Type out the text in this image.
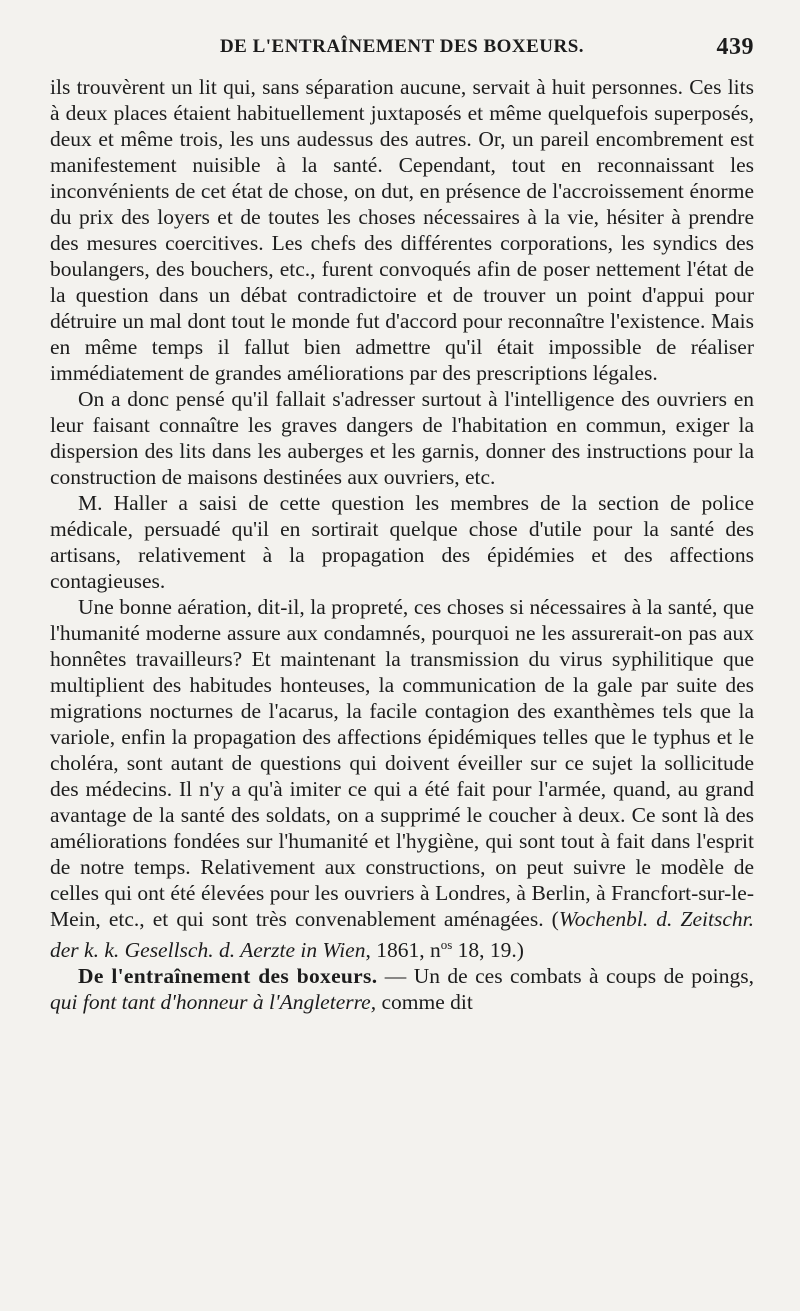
DE L'ENTRAÎNEMENT DES BOXEURS.	439

ils trouvèrent un lit qui, sans séparation aucune, servait à huit personnes. Ces lits à deux places étaient habituellement juxtaposés et même quelquefois superposés, deux et même trois, les uns audessus des autres. Or, un pareil encombrement est manifestement nuisible à la santé. Cependant, tout en reconnaissant les inconvénients de cet état de chose, on dut, en présence de l'accroissement énorme du prix des loyers et de toutes les choses nécessaires à la vie, hésiter à prendre des mesures coercitives. Les chefs des différentes corporations, les syndics des boulangers, des bouchers, etc., furent convoqués afin de poser nettement l'état de la question dans un débat contradictoire et de trouver un point d'appui pour détruire un mal dont tout le monde fut d'accord pour reconnaître l'existence. Mais en même temps il fallut bien admettre qu'il était impossible de réaliser immédiatement de grandes améliorations par des prescriptions légales.

On a donc pensé qu'il fallait s'adresser surtout à l'intelligence des ouvriers en leur faisant connaître les graves dangers de l'habitation en commun, exiger la dispersion des lits dans les auberges et les garnis, donner des instructions pour la construction de maisons destinées aux ouvriers, etc.

M. Haller a saisi de cette question les membres de la section de police médicale, persuadé qu'il en sortirait quelque chose d'utile pour la santé des artisans, relativement à la propagation des épidémies et des affections contagieuses.

Une bonne aération, dit-il, la propreté, ces choses si nécessaires à la santé, que l'humanité moderne assure aux condamnés, pourquoi ne les assurerait-on pas aux honnêtes travailleurs? Et maintenant la transmission du virus syphilitique que multiplient des habitudes honteuses, la communication de la gale par suite des migrations nocturnes de l'acarus, la facile contagion des exanthèmes tels que la variole, enfin la propagation des affections épidémiques telles que le typhus et le choléra, sont autant de questions qui doivent éveiller sur ce sujet la sollicitude des médecins. Il n'y a qu'à imiter ce qui a été fait pour l'armée, quand, au grand avantage de la santé des soldats, on a supprimé le coucher à deux. Ce sont là des améliorations fondées sur l'humanité et l'hygiène, qui sont tout à fait dans l'esprit de notre temps. Relativement aux constructions, on peut suivre le modèle de celles qui ont été élevées pour les ouvriers à Londres, à Berlin, à Francfort-sur-le-Mein, etc., et qui sont très convenablement aménagées. (Wochenbl. d. Zeitschr. der k. k. Gesellsch. d. Aerzte in Wien, 1861, $n^{os}$ 18, 19.)

De l'entraînement des boxeurs. — Un de ces combats à coups de poings, qui font tant d'honneur à l'Angleterre, comme dit
